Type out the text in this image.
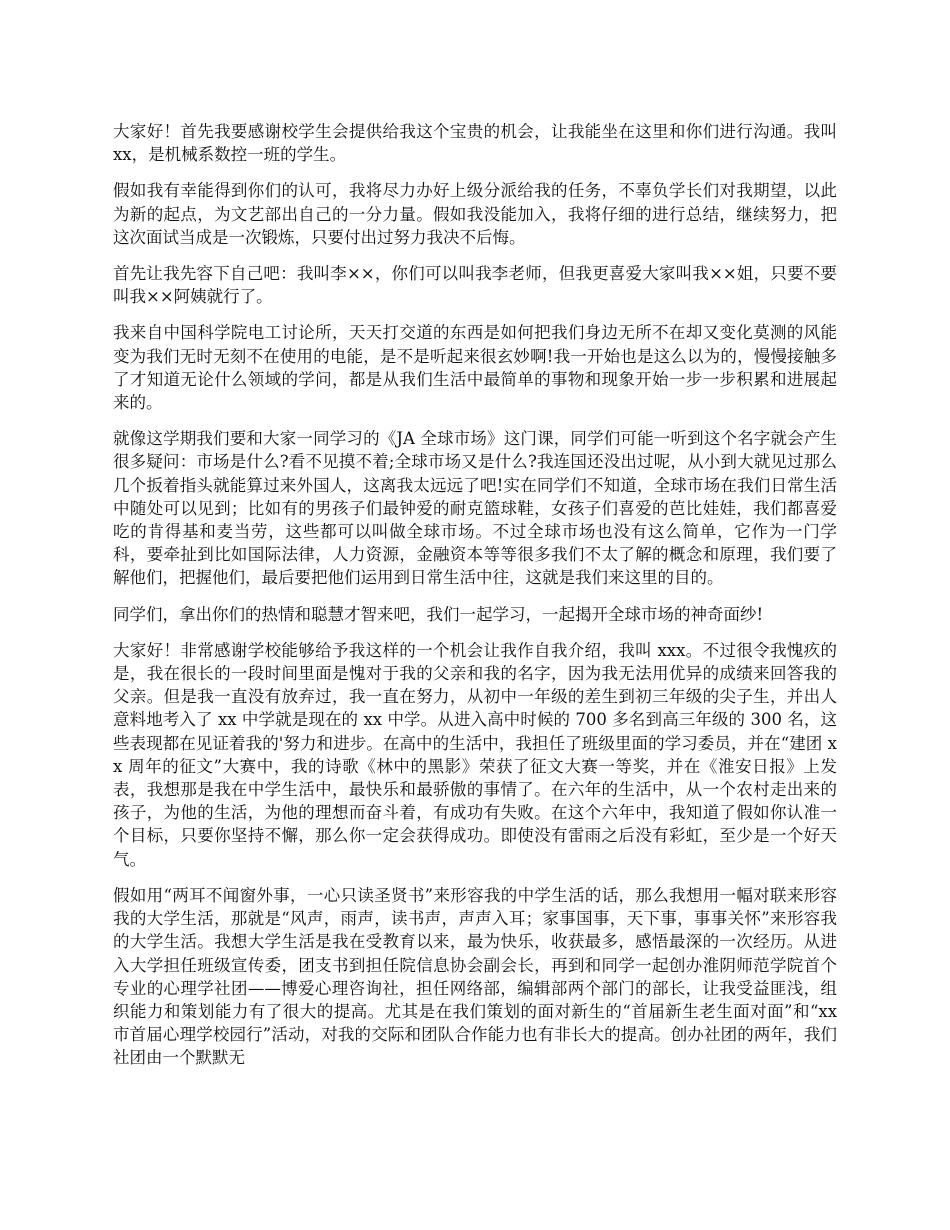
大家好！首先我要感谢校学生会提供给我这个宝贵的机会，让我能坐在这里和你们进行沟通。我叫 xx，是机械系数控一班的学生。

假如我有幸能得到你们的认可，我将尽力办好上级分派给我的任务，不辜负学长们对我期望，以此为新的起点，为文艺部出自己的一分力量。假如我没能加入，我将仔细的进行总结，继续努力，把这次面试当成是一次锻炼，只要付出过努力我决不后悔。

首先让我先容下自己吧：我叫李××，你们可以叫我李老师，但我更喜爱大家叫我××姐，只要不要叫我××阿姨就行了。

我来自中国科学院电工讨论所，天天打交道的东西是如何把我们身边无所不在却又变化莫测的风能变为我们无时无刻不在使用的电能，是不是听起来很玄妙啊!我一开始也是这么以为的，慢慢接触多了才知道无论什么领域的学问，都是从我们生活中最简单的事物和现象开始一步一步积累和进展起来的。

就像这学期我们要和大家一同学习的《JA 全球市场》这门课，同学们可能一听到这个名字就会产生很多疑问：市场是什么?看不见摸不着;全球市场又是什么?我连国还没出过呢，从小到大就见过那么几个扳着指头就能算过来外国人，这离我太远远了吧!实在同学们不知道，全球市场在我们日常生活中随处可以见到；比如有的男孩子们最钟爱的耐克篮球鞋，女孩子们喜爱的芭比娃娃，我们都喜爱吃的肯得基和麦当劳，这些都可以叫做全球市场。不过全球市场也没有这么简单，它作为一门学科，要牵扯到比如国际法律，人力资源，金融资本等等很多我们不太了解的概念和原理，我们要了解他们，把握他们，最后要把他们运用到日常生活中往，这就是我们来这里的目的。

同学们，拿出你们的热情和聪慧才智来吧，我们一起学习，一起揭开全球市场的神奇面纱!

大家好！非常感谢学校能够给予我这样的一个机会让我作自我介绍，我叫 xxx。不过很令我愧疚的是，我在很长的一段时间里面是愧对于我的父亲和我的名字，因为我无法用优异的成绩来回答我的父亲。但是我一直没有放弃过，我一直在努力，从初中一年级的差生到初三年级的尖子生，并出人意料地考入了 xx 中学就是现在的 xx 中学。从进入高中时候的 700 多名到高三年级的 300 名，这些表现都在见证着我的'努力和进步。在高中的生活中，我担任了班级里面的学习委员，并在“建团 xx 周年的征文”大赛中，我的诗歌《林中的黑影》荣获了征文大赛一等奖，并在《淮安日报》上发表，我想那是我在中学生活中，最快乐和最骄傲的事情了。在六年的生活中，从一个农村走出来的孩子，为他的生活，为他的理想而奋斗着，有成功有失败。在这个六年中，我知道了假如你认准一个目标，只要你坚持不懈，那么你一定会获得成功。即使没有雷雨之后没有彩虹，至少是一个好天气。

假如用“两耳不闻窗外事，一心只读圣贤书”来形容我的中学生活的话，那么我想用一幅对联来形容我的大学生活，那就是“风声，雨声，读书声，声声入耳；家事国事，天下事，事事关怀”来形容我的大学生活。我想大学生活是我在受教育以来，最为快乐，收获最多，感悟最深的一次经历。从进入大学担任班级宣传委，团支书到担任院信息协会副会长，再到和同学一起创办淮阴师范学院首个专业的心理学社团——博爱心理咨询社，担任网络部，编辑部两个部门的部长，让我受益匪浅，组织能力和策划能力有了很大的提高。尤其是在我们策划的面对新生的“首届新生老生面对面”和“xx 市首届心理学校园行”活动，对我的交际和团队合作能力也有非长大的提高。创办社团的两年，我们社团由一个默默无
